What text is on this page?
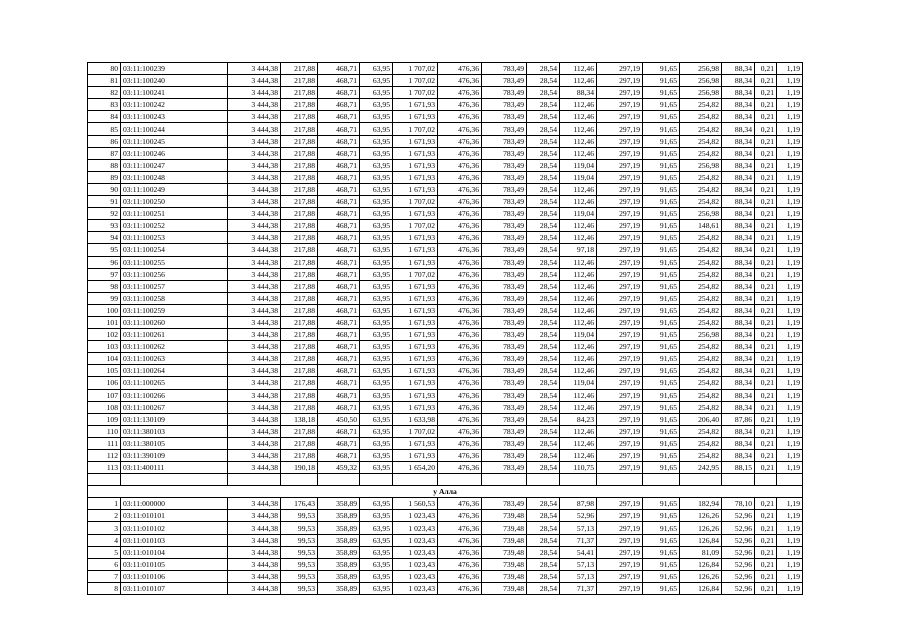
80	03:11:100239	3 444,38	217,88	468,71	63,95	1 707,02	476,36	783,49	28,54	112,46	297,19	91,65	256,98	88,34	0,21	1,19
81	03:11:100240	3 444,38	217,88	468,71	63,95	1 707,02	476,36	783,49	28,54	112,46	297,19	91,65	256,98	88,34	0,21	1,19
82	03:11:100241	3 444,38	217,88	468,71	63,95	1 707,02	476,36	783,49	28,54	88,34	297,19	91,65	256,98	88,34	0,21	1,19
83	03:11:100242	3 444,38	217,88	468,71	63,95	1 671,93	476,36	783,49	28,54	112,46	297,19	91,65	254,82	88,34	0,21	1,19
84	03:11:100243	3 444,38	217,88	468,71	63,95	1 671,93	476,36	783,49	28,54	112,46	297,19	91,65	254,82	88,34	0,21	1,19
85	03:11:100244	3 444,38	217,88	468,71	63,95	1 707,02	476,36	783,49	28,54	112,46	297,19	91,65	254,82	88,34	0,21	1,19
86	03:11:100245	3 444,38	217,88	468,71	63,95	1 671,93	476,36	783,49	28,54	112,46	297,19	91,65	254,82	88,34	0,21	1,19
87	03:11:100246	3 444,38	217,88	468,71	63,95	1 671,93	476,36	783,49	28,54	112,46	297,19	91,65	254,82	88,34	0,21	1,19
88	03:11:100247	3 444,38	217,88	468,71	63,95	1 671,93	476,36	783,49	28,54	119,04	297,19	91,65	256,98	88,34	0,21	1,19
89	03:11:100248	3 444,38	217,88	468,71	63,95	1 671,93	476,36	783,49	28,54	119,04	297,19	91,65	254,82	88,34	0,21	1,19
90	03:11:100249	3 444,38	217,88	468,71	63,95	1 671,93	476,36	783,49	28,54	112,46	297,19	91,65	254,82	88,34	0,21	1,19
91	03:11:100250	3 444,38	217,88	468,71	63,95	1 707,02	476,36	783,49	28,54	112,46	297,19	91,65	254,82	88,34	0,21	1,19
92	03:11:100251	3 444,38	217,88	468,71	63,95	1 671,93	476,36	783,49	28,54	119,04	297,19	91,65	256,98	88,34	0,21	1,19
93	03:11:100252	3 444,38	217,88	468,71	63,95	1 707,02	476,36	783,49	28,54	112,46	297,19	91,65	148,61	88,34	0,21	1,19
94	03:11:100253	3 444,38	217,88	468,71	63,95	1 671,93	476,36	783,49	28,54	112,46	297,19	91,65	254,82	88,34	0,21	1,19
95	03:11:100254	3 444,38	217,88	468,71	63,95	1 671,93	476,36	783,49	28,54	97,18	297,19	91,65	254,82	88,34	0,21	1,19
96	03:11:100255	3 444,38	217,88	468,71	63,95	1 671,93	476,36	783,49	28,54	112,46	297,19	91,65	254,82	88,34	0,21	1,19
97	03:11:100256	3 444,38	217,88	468,71	63,95	1 707,02	476,36	783,49	28,54	112,46	297,19	91,65	254,82	88,34	0,21	1,19
98	03:11:100257	3 444,38	217,88	468,71	63,95	1 671,93	476,36	783,49	28,54	112,46	297,19	91,65	254,82	88,34	0,21	1,19
99	03:11:100258	3 444,38	217,88	468,71	63,95	1 671,93	476,36	783,49	28,54	112,46	297,19	91,65	254,82	88,34	0,21	1,19
100	03:11:100259	3 444,38	217,88	468,71	63,95	1 671,93	476,36	783,49	28,54	112,46	297,19	91,65	254,82	88,34	0,21	1,19
101	03:11:100260	3 444,38	217,88	468,71	63,95	1 671,93	476,36	783,49	28,54	112,46	297,19	91,65	254,82	88,34	0,21	1,19
102	03:11:100261	3 444,38	217,88	468,71	63,95	1 671,93	476,36	783,49	28,54	119,04	297,19	91,65	256,98	88,34	0,21	1,19
103	03:11:100262	3 444,38	217,88	468,71	63,95	1 671,93	476,36	783,49	28,54	112,46	297,19	91,65	254,82	88,34	0,21	1,19
104	03:11:100263	3 444,38	217,88	468,71	63,95	1 671,93	476,36	783,49	28,54	112,46	297,19	91,65	254,82	88,34	0,21	1,19
105	03:11:100264	3 444,38	217,88	468,71	63,95	1 671,93	476,36	783,49	28,54	112,46	297,19	91,65	254,82	88,34	0,21	1,19
106	03:11:100265	3 444,38	217,88	468,71	63,95	1 671,93	476,36	783,49	28,54	119,04	297,19	91,65	254,82	88,34	0,21	1,19
107	03:11:100266	3 444,38	217,88	468,71	63,95	1 671,93	476,36	783,49	28,54	112,46	297,19	91,65	254,82	88,34	0,21	1,19
108	03:11:100267	3 444,38	217,88	468,71	63,95	1 671,93	476,36	783,49	28,54	112,46	297,19	91,65	254,82	88,34	0,21	1,19
109	03:11:130109	3 444,38	138,18	450,50	63,95	1 633,98	476,36	783,49	28,54	84,23	297,19	91,65	206,40	87,86	0,21	1,19
110	03:11:380103	3 444,38	217,88	468,71	63,95	1 707,02	476,36	783,49	28,54	112,46	297,19	91,65	254,82	88,34	0,21	1,19
111	03:11:380105	3 444,38	217,88	468,71	63,95	1 671,93	476,36	783,49	28,54	112,46	297,19	91,65	254,82	88,34	0,21	1,19
112	03:11:390109	3 444,38	217,88	468,71	63,95	1 671,93	476,36	783,49	28,54	112,46	297,19	91,65	254,82	88,34	0,21	1,19
113	03:11:400111	3 444,38	190,18	459,32	63,95	1 654,20	476,36	783,49	28,54	110,75	297,19	91,65	242,95	88,15	0,21	1,19

у Алла																
1	03:11:000000	3 444,38	176,43	358,89	63,95	1 560,53	476,36	783,49	28,54	87,98	297,19	91,65	182,94	78,10	0,21	1,19
2	03:11:010101	3 444,38	99,53	358,89	63,95	1 023,43	476,36	739,48	28,54	52,96	297,19	91,65	126,26	52,96	0,21	1,19
3	03:11:010102	3 444,38	99,53	358,89	63,95	1 023,43	476,36	739,48	28,54	57,13	297,19	91,65	126,26	52,96	0,21	1,19
4	03:11:010103	3 444,38	99,53	358,89	63,95	1 023,43	476,36	739,48	28,54	71,37	297,19	91,65	126,84	52,96	0,21	1,19
5	03:11:010104	3 444,38	99,53	358,89	63,95	1 023,43	476,36	739,48	28,54	54,41	297,19	91,65	81,09	52,96	0,21	1,19
6	03:11:010105	3 444,38	99,53	358,89	63,95	1 023,43	476,36	739,48	28,54	57,13	297,19	91,65	126,84	52,96	0,21	1,19
7	03:11:010106	3 444,38	99,53	358,89	63,95	1 023,43	476,36	739,48	28,54	57,13	297,19	91,65	126,26	52,96	0,21	1,19
8	03:11:010107	3 444,38	99,53	358,89	63,95	1 023,43	476,36	739,48	28,54	71,37	297,19	91,65	126,84	52,96	0,21	1,19
